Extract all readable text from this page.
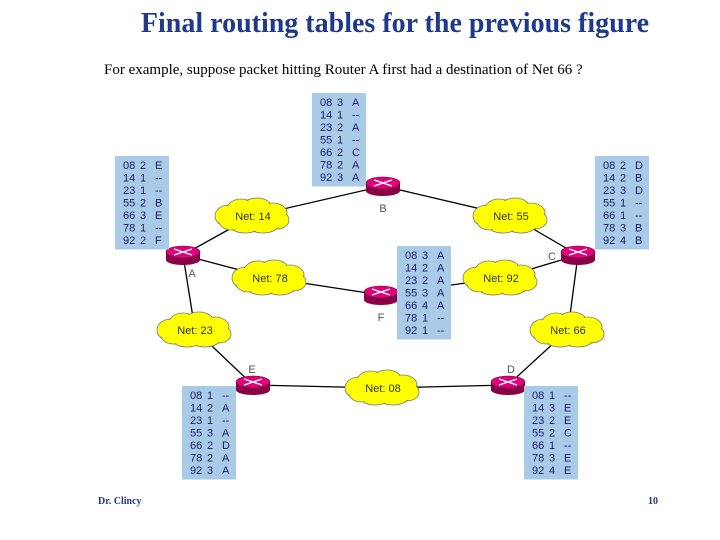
Final routing tables for the previous figure
For example, suppose packet hitting Router A first had a destination of Net 66 ?
Net: 14	Net: 55
Net: 78	Net: 92
Net: 23	Net: 66
Net: 08
A
B
C
D
E
F
08 3 A
14 1 --
23 2 A
55 1 --
66 2 C
78 2 A
92 3 A
08 2 E
14 1 --
23 1 --
55 2 B
66 3 E
78 1 --
92 2 F
08 2 D
14 2 B
23 3 D
55 1 --
66 1 --
78 3 B
92 4 B
08 3 A
14 2 A
23 2 A
55 3 A
66 4 A
78 1 --
92 1 --
08 1 --
14 2 A
23 1 --
55 3 A
66 2 D
78 2 A
92 3 A
08 1 --
14 3 E
23 2 E
55 2 C
66 1 --
78 3 E
92 4 E
Dr. Clincy	10
